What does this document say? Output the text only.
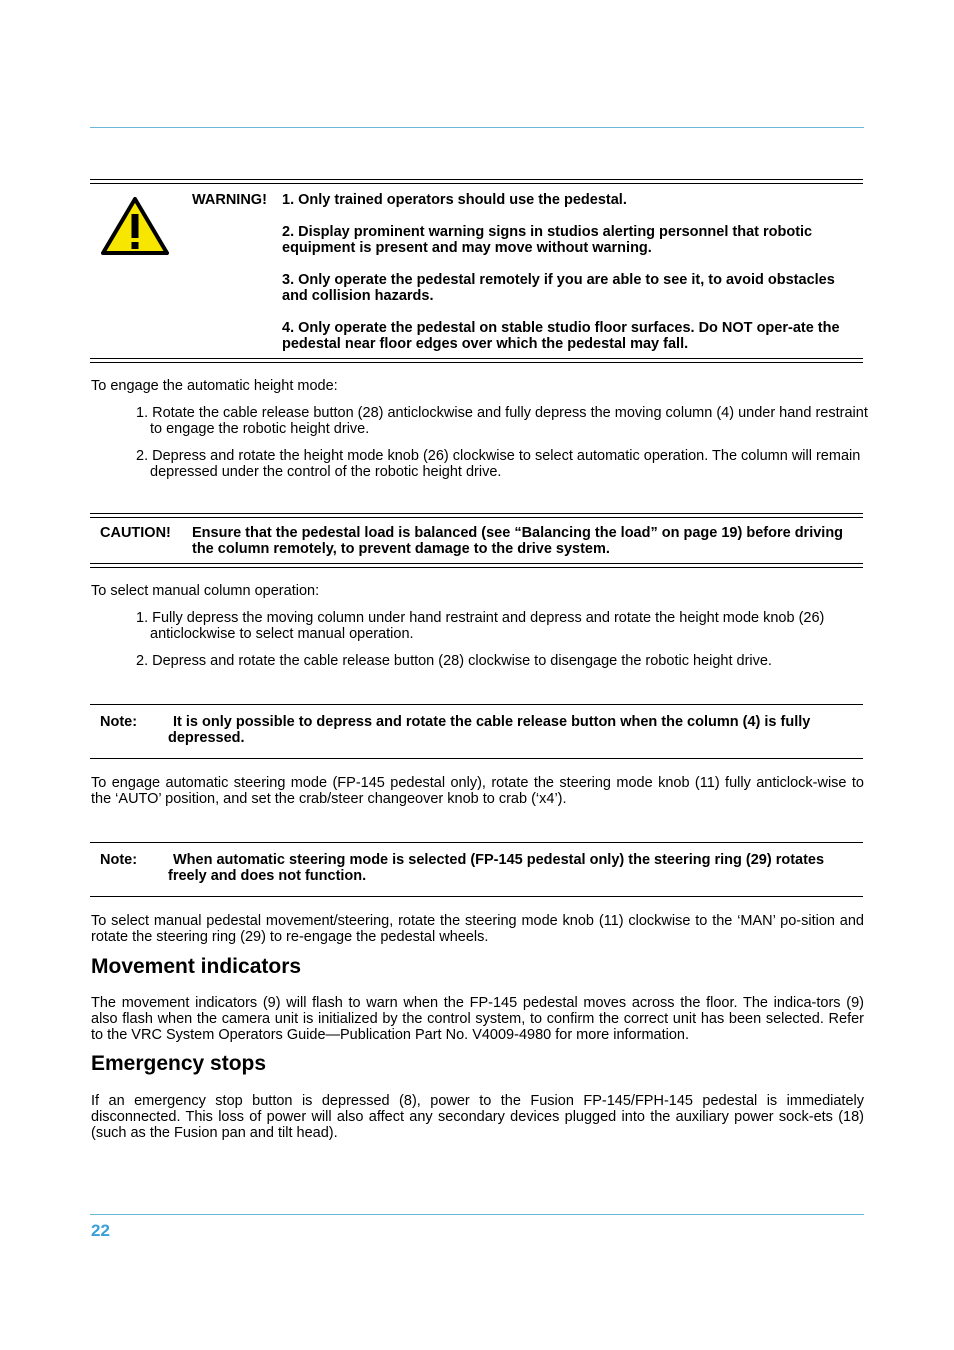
WARNING! 1. Only trained operators should use the pedestal.

2. Display prominent warning signs in studios alerting personnel that robotic equipment is present and may move without warning.

3. Only operate the pedestal remotely if you are able to see it, to avoid obstacles and collision hazards.

4. Only operate the pedestal on stable studio floor surfaces. Do NOT oper-ate the pedestal near floor edges over which the pedestal may fall.

To engage the automatic height mode:

1. Rotate the cable release button (28) anticlockwise and fully depress the moving column (4) under hand restraint to engage the robotic height drive.

2. Depress and rotate the height mode knob (26) clockwise to select automatic operation. The column will remain depressed under the control of the robotic height drive.

CAUTION! Ensure that the pedestal load is balanced (see “Balancing the load” on page 19) before driving the column remotely, to prevent damage to the drive system.

To select manual column operation:

1. Fully depress the moving column under hand restraint and depress and rotate the height mode knob (26) anticlockwise to select manual operation.

2. Depress and rotate the cable release button (28) clockwise to disengage the robotic height drive.

Note:	It is only possible to depress and rotate the cable release button when the column (4) is fully depressed.

To engage automatic steering mode (FP-145 pedestal only), rotate the steering mode knob (11) fully anticlock-wise to the ‘AUTO’ position, and set the crab/steer changeover knob to crab (‘x4’).

Note:	When automatic steering mode is selected (FP-145 pedestal only) the steering ring (29) rotates freely and does not function.

To select manual pedestal movement/steering, rotate the steering mode knob (11) clockwise to the ‘MAN’ po-sition and rotate the steering ring (29) to re-engage the pedestal wheels.

Movement indicators

The movement indicators (9) will flash to warn when the FP-145 pedestal moves across the floor. The indica-tors (9) also flash when the camera unit is initialized by the control system, to confirm the correct unit has been selected. Refer to the VRC System Operators Guide—Publication Part No. V4009-4980 for more information.

Emergency stops

If an emergency stop button is depressed (8), power to the Fusion FP-145/FPH-145 pedestal is immediately disconnected. This loss of power will also affect any secondary devices plugged into the auxiliary power sock-ets (18) (such as the Fusion pan and tilt head).

22
